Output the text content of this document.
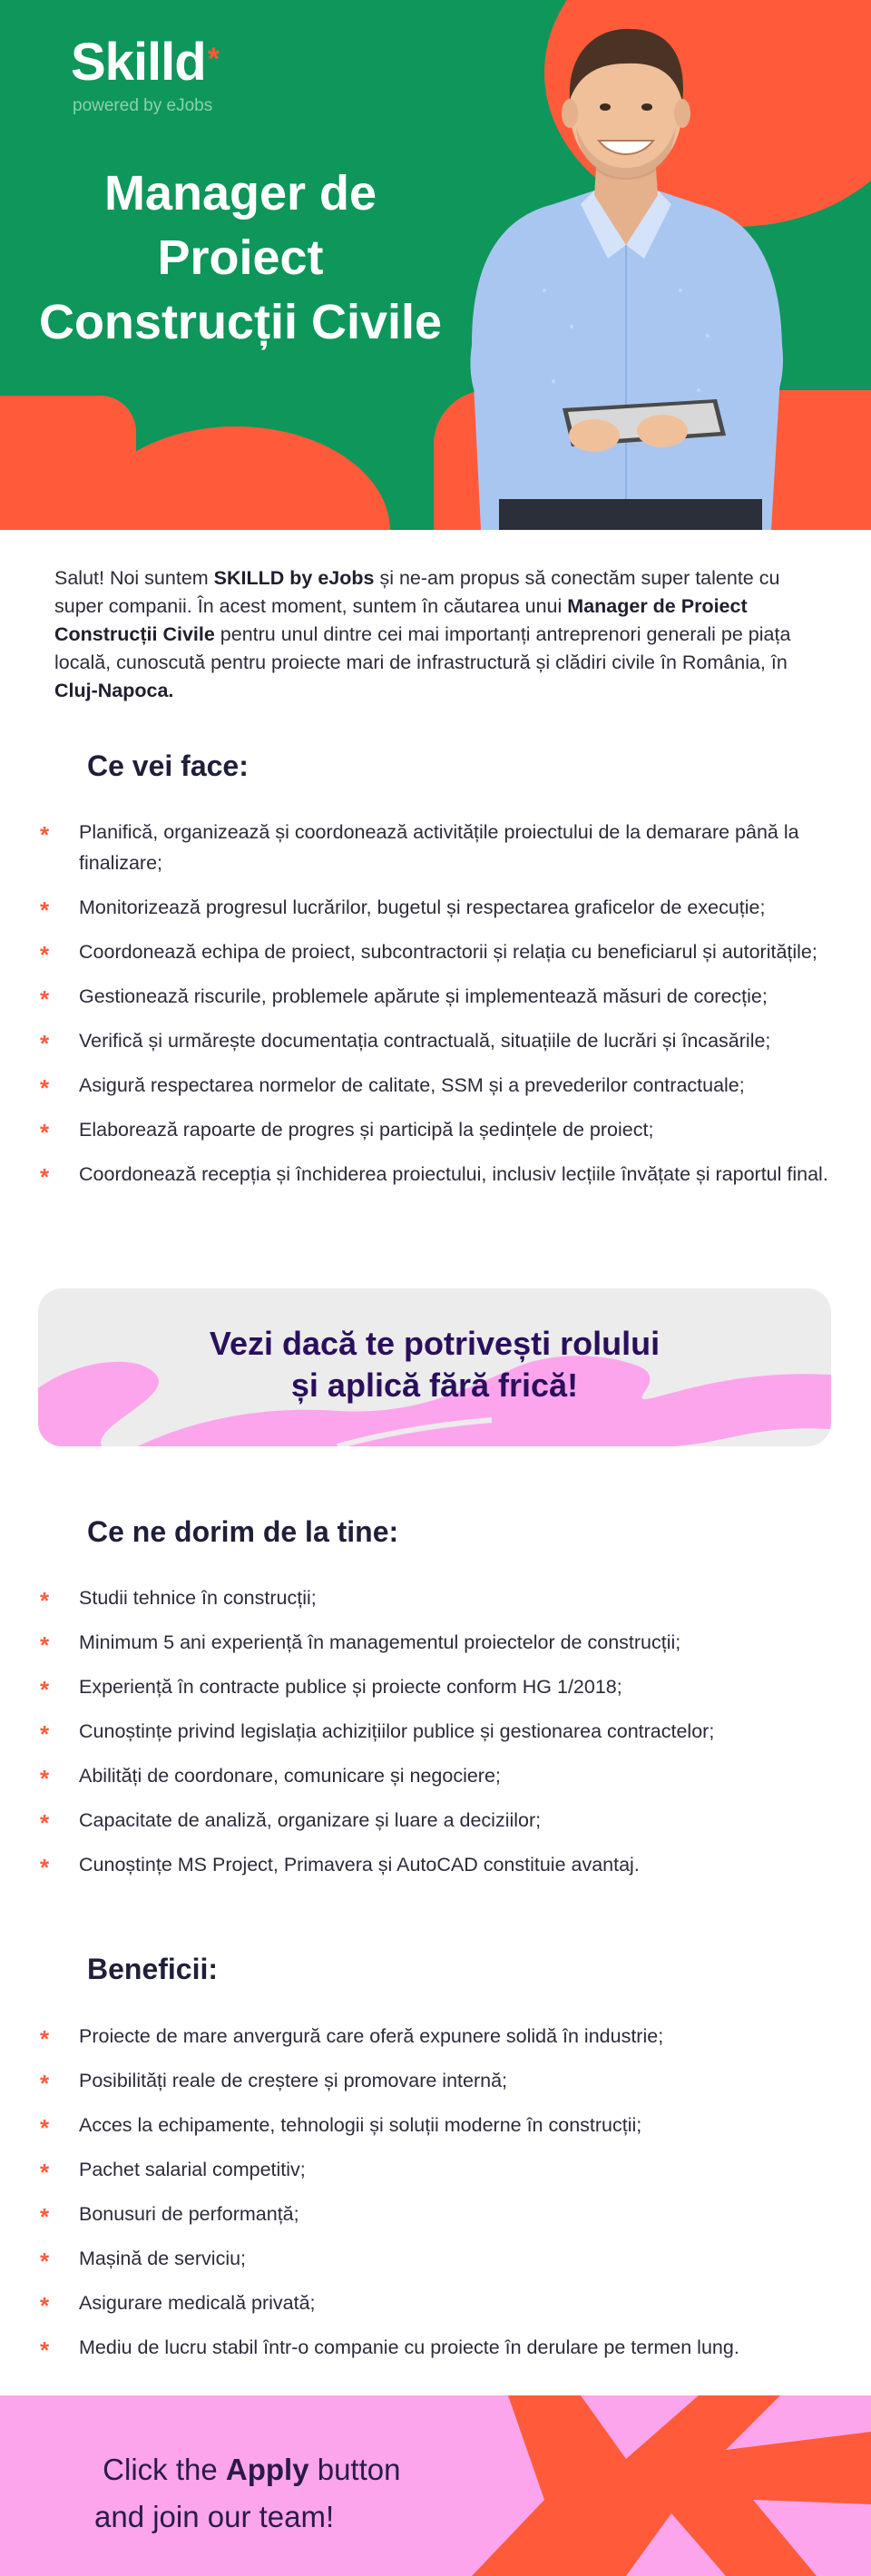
Skilld*
powered by eJobs
Manager de
Proiect
Construcții Civile
Salut! Noi suntem SKILLD by eJobs și ne-am propus să conectăm super talente cu super companii. În acest moment, suntem în căutarea unui Manager de Proiect Construcții Civile pentru unul dintre cei mai importanți antreprenori generali pe piața locală, cunoscută pentru proiecte mari de infrastructură și clădiri civile în România, în Cluj-Napoca.
Ce vei face:
* Planifică, organizează și coordonează activitățile proiectului de la demarare până la finalizare;
* Monitorizează progresul lucrărilor, bugetul și respectarea graficelor de execuție;
* Coordonează echipa de proiect, subcontractorii și relația cu beneficiarul și autoritățile;
* Gestionează riscurile, problemele apărute și implementează măsuri de corecție;
* Verifică și urmărește documentația contractuală, situațiile de lucrări și încasările;
* Asigură respectarea normelor de calitate, SSM și a prevederilor contractuale;
* Elaborează rapoarte de progres și participă la ședințele de proiect;
* Coordonează recepția și închiderea proiectului, inclusiv lecțiile învățate și raportul final.
Vezi dacă te potrivești rolului
și aplică fără frică!
Ce ne dorim de la tine:
* Studii tehnice în construcții;
* Minimum 5 ani experiență în managementul proiectelor de construcții;
* Experiență în contracte publice și proiecte conform HG 1/2018;
* Cunoștințe privind legislația achizițiilor publice și gestionarea contractelor;
* Abilități de coordonare, comunicare și negociere;
* Capacitate de analiză, organizare și luare a deciziilor;
* Cunoștințe MS Project, Primavera și AutoCAD constituie avantaj.
Beneficii:
* Proiecte de mare anvergură care oferă expunere solidă în industrie;
* Posibilități reale de creștere și promovare internă;
* Acces la echipamente, tehnologii și soluții moderne în construcții;
* Pachet salarial competitiv;
* Bonusuri de performanță;
* Mașină de serviciu;
* Asigurare medicală privată;
* Mediu de lucru stabil într-o companie cu proiecte în derulare pe termen lung.
Click the Apply button
and join our team!
